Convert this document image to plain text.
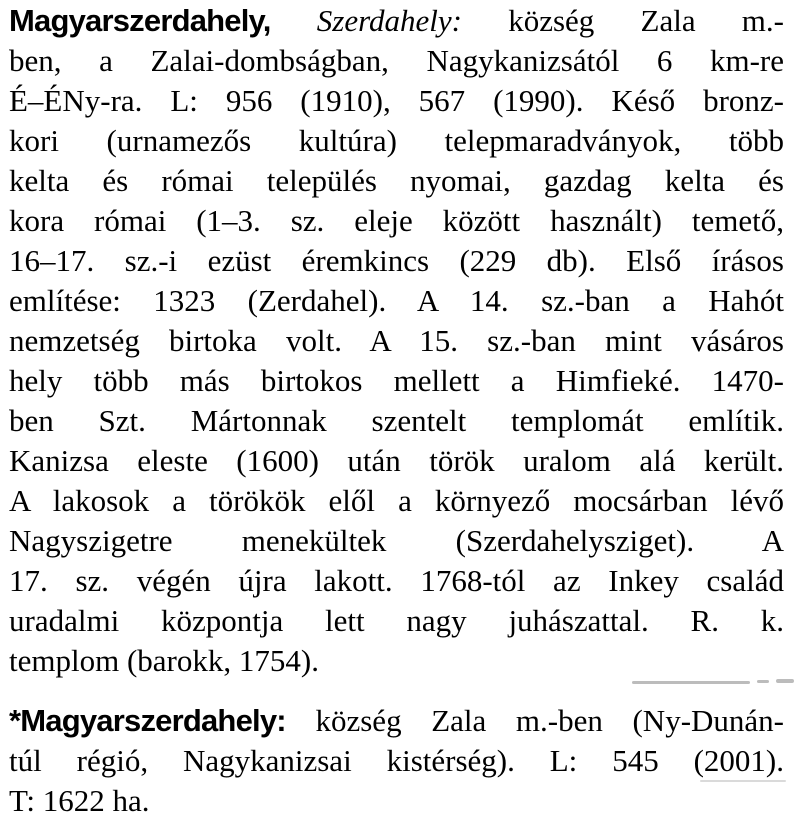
Magyarszerdahely, Szerdahely: község Zala m.-
ben, a Zalai-dombságban, Nagykanizsától 6 km-re
É–ÉNy-ra. L: 956 (1910), 567 (1990). Késő bronz-
kori (urnamezős kultúra) telepmaradványok, több
kelta és római település nyomai, gazdag kelta és
kora római (1–3. sz. eleje között használt) temető,
16–17. sz.-i ezüst éremkincs (229 db). Első írásos
említése: 1323 (Zerdahel). A 14. sz.-ban a Hahót
nemzetség birtoka volt. A 15. sz.-ban mint vásáros
hely több más birtokos mellett a Himfieké. 1470-
ben Szt. Mártonnak szentelt templomát említik.
Kanizsa eleste (1600) után török uralom alá került.
A lakosok a törökök elől a környező mocsárban lévő
Nagyszigetre menekültek (Szerdahelysziget). A
17. sz. végén újra lakott. 1768-tól az Inkey család
uradalmi központja lett nagy juhászattal. R. k.
templom (barokk, 1754).
*Magyarszerdahely: község Zala m.-ben (Ny-Dunán-
túl régió, Nagykanizsai kistérség). L: 545 (2001).
T: 1622 ha.
